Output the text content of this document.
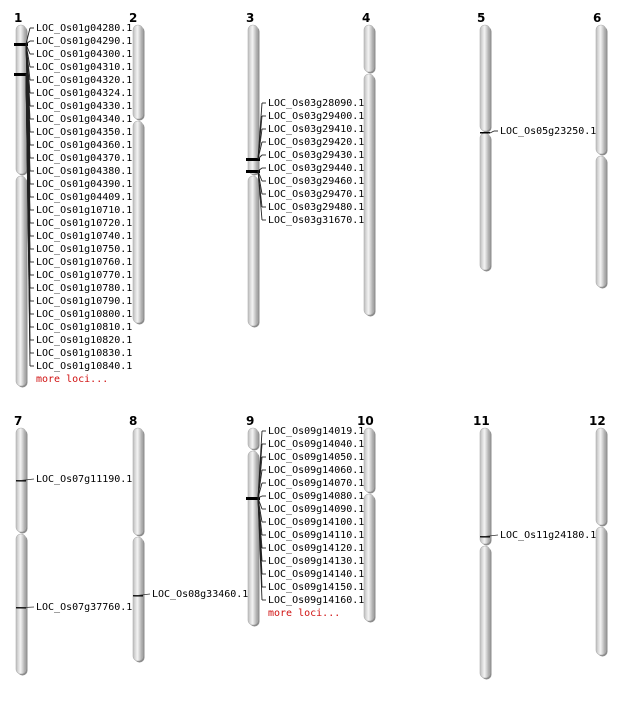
1
LOC_Os01g04280.1
LOC_Os01g04290.1
LOC_Os01g04300.1
LOC_Os01g04310.1
LOC_Os01g04320.1
LOC_Os01g04324.1
LOC_Os01g04330.1
LOC_Os01g04340.1
LOC_Os01g04350.1
LOC_Os01g04360.1
LOC_Os01g04370.1
LOC_Os01g04380.1
LOC_Os01g04390.1
LOC_Os01g04409.1
LOC_Os01g10710.1
LOC_Os01g10720.1
LOC_Os01g10740.1
LOC_Os01g10750.1
LOC_Os01g10760.1
LOC_Os01g10770.1
LOC_Os01g10780.1
LOC_Os01g10790.1
LOC_Os01g10800.1
LOC_Os01g10810.1
LOC_Os01g10820.1
LOC_Os01g10830.1
LOC_Os01g10840.1
more loci...
2	3
LOC_Os03g28090.1
LOC_Os03g29400.1
LOC_Os03g29410.1
LOC_Os03g29420.1
LOC_Os03g29430.1
LOC_Os03g29440.1
LOC_Os03g29460.1
LOC_Os03g29470.1
LOC_Os03g29480.1
LOC_Os03g31670.1
4	5
LOC_Os05g23250.1
6
7
LOC_Os07g11190.1
LOC_Os07g37760.1
8
LOC_Os08g33460.1
9
LOC_Os09g14019.1
LOC_Os09g14040.1
LOC_Os09g14050.1
LOC_Os09g14060.1
LOC_Os09g14070.1
LOC_Os09g14080.1
LOC_Os09g14090.1
LOC_Os09g14100.1
LOC_Os09g14110.1
LOC_Os09g14120.1
LOC_Os09g14130.1
LOC_Os09g14140.1
LOC_Os09g14150.1
LOC_Os09g14160.1
more loci...
10	11
LOC_Os11g24180.1
12
